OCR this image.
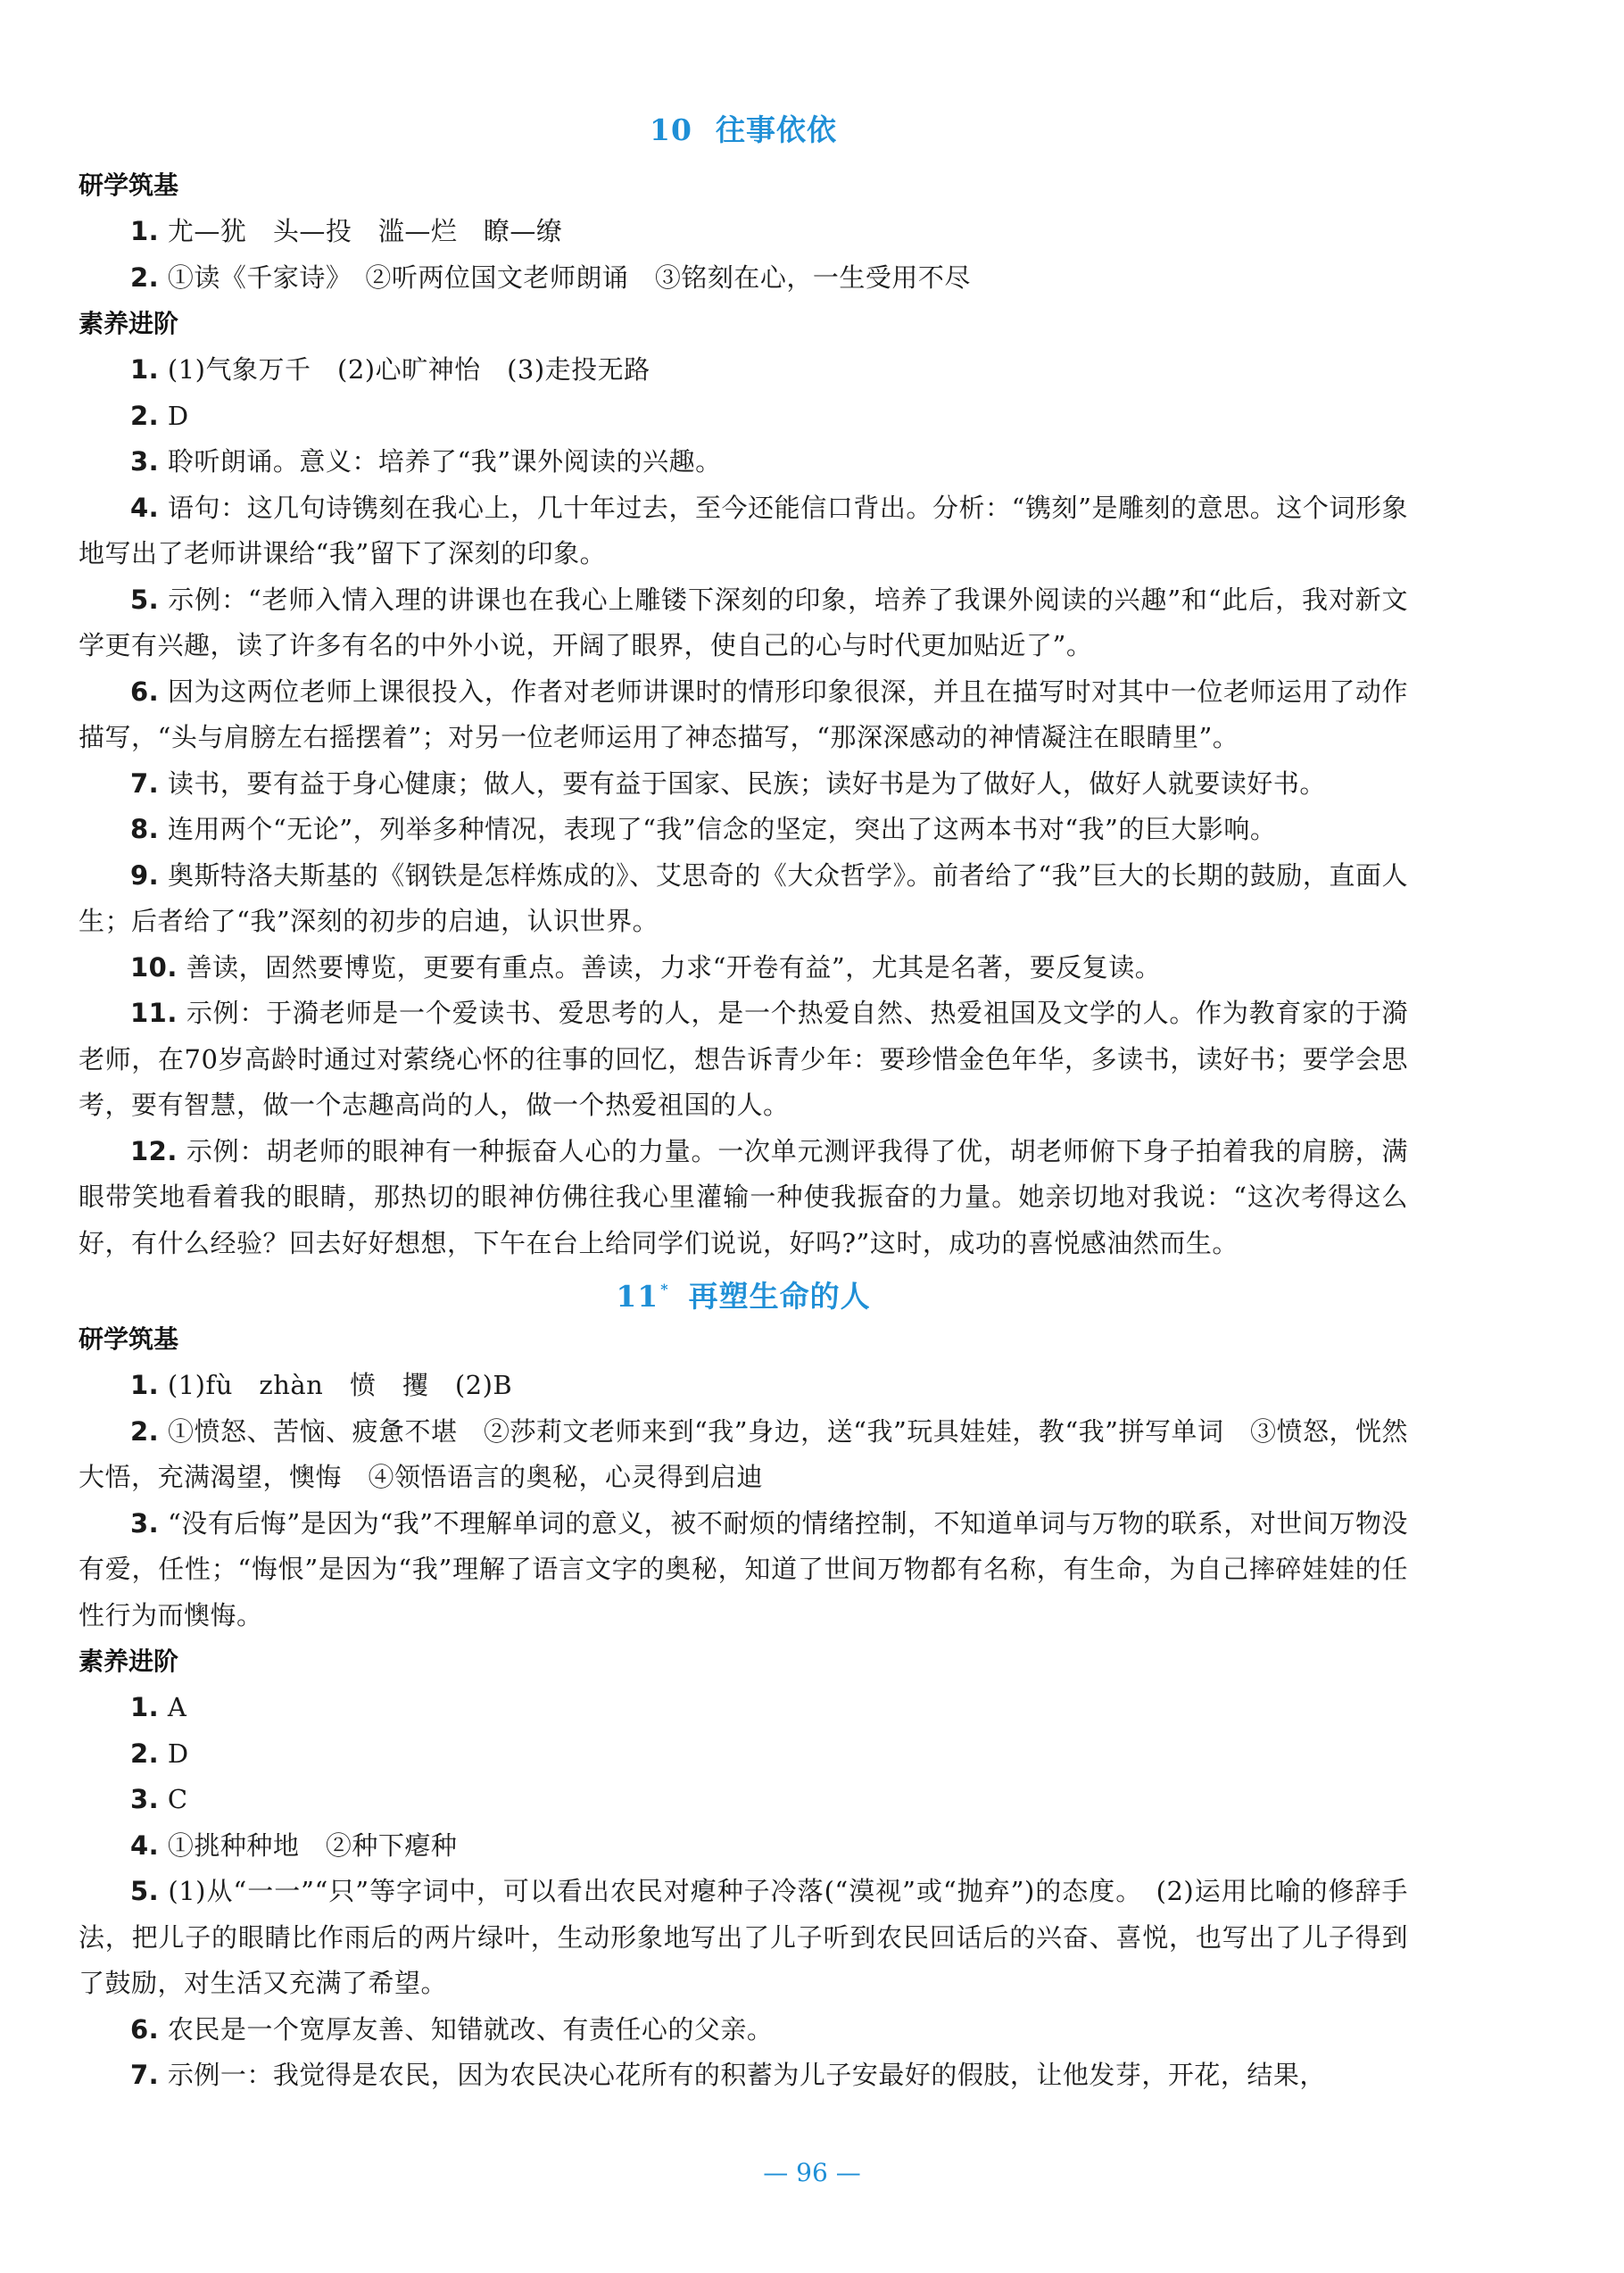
10 往事依依
研学筑基
1. 尤—犹　头—投　滥—烂　瞭—缭
2. ①读《千家诗》　②听两位国文老师朗诵　③铭刻在心，一生受用不尽
素养进阶
1. (1)气象万千　(2)心旷神怡　(3)走投无路
2. D
3. 聆听朗诵。意义：培养了“我”课外阅读的兴趣。
4. 语句：这几句诗镌刻在我心上，几十年过去，至今还能信口背出。分析：“镌刻”是雕刻的意思。这个词形象地写出了老师讲课给“我”留下了深刻的印象。
5. 示例：“老师入情入理的讲课也在我心上雕镂下深刻的印象，培养了我课外阅读的兴趣”和“此后，我对新文学更有兴趣，读了许多有名的中外小说，开阔了眼界，使自己的心与时代更加贴近了”。
6. 因为这两位老师上课很投入，作者对老师讲课时的情形印象很深，并且在描写时对其中一位老师运用了动作描写，“头与肩膀左右摇摆着”；对另一位老师运用了神态描写，“那深深感动的神情凝注在眼睛里”。
7. 读书，要有益于身心健康；做人，要有益于国家、民族；读好书是为了做好人，做好人就要读好书。
8. 连用两个“无论”，列举多种情况，表现了“我”信念的坚定，突出了这两本书对“我”的巨大影响。
9. 奥斯特洛夫斯基的《钢铁是怎样炼成的》、艾思奇的《大众哲学》。前者给了“我”巨大的长期的鼓励，直面人生；后者给了“我”深刻的初步的启迪，认识世界。
10. 善读，固然要博览，更要有重点。善读，力求“开卷有益”，尤其是名著，要反复读。
11. 示例：于漪老师是一个爱读书、爱思考的人，是一个热爱自然、热爱祖国及文学的人。作为教育家的于漪老师，在70岁高龄时通过对萦绕心怀的往事的回忆，想告诉青少年：要珍惜金色年华，多读书，读好书；要学会思考，要有智慧，做一个志趣高尚的人，做一个热爱祖国的人。
12. 示例：胡老师的眼神有一种振奋人心的力量。一次单元测评我得了优，胡老师俯下身子拍着我的肩膀，满眼带笑地看着我的眼睛，那热切的眼神仿佛往我心里灌输一种使我振奋的力量。她亲切地对我说：“这次考得这么好，有什么经验？回去好好想想，下午在台上给同学们说说，好吗?”这时，成功的喜悦感油然而生。
11 * 再塑生命的人
研学筑基
1. (1)fù　zhàn　愤　攫　(2)B
2. ①愤怒、苦恼、疲惫不堪　②莎莉文老师来到“我”身边，送“我”玩具娃娃，教“我”拼写单词　③愤怒，恍然大悟，充满渴望，懊悔　④领悟语言的奥秘，心灵得到启迪
3. “没有后悔”是因为“我”不理解单词的意义，被不耐烦的情绪控制，不知道单词与万物的联系，对世间万物没有爱，任性；“悔恨”是因为“我”理解了语言文字的奥秘，知道了世间万物都有名称，有生命，为自己摔碎娃娃的任性行为而懊悔。
素养进阶
1. A
2. D
3. C
4. ①挑种种地　②种下瘪种
5. (1)从“一一”“只”等字词中，可以看出农民对瘪种子冷落(“漠视”或“抛弃”)的态度。　(2)运用比喻的修辞手法，把儿子的眼睛比作雨后的两片绿叶，生动形象地写出了儿子听到农民回话后的兴奋、喜悦，也写出了儿子得到了鼓励，对生活又充满了希望。
6. 农民是一个宽厚友善、知错就改、有责任心的父亲。
7. 示例一：我觉得是农民，因为农民决心花所有的积蓄为儿子安最好的假肢，让他发芽，开花，结果，
— 96 —
